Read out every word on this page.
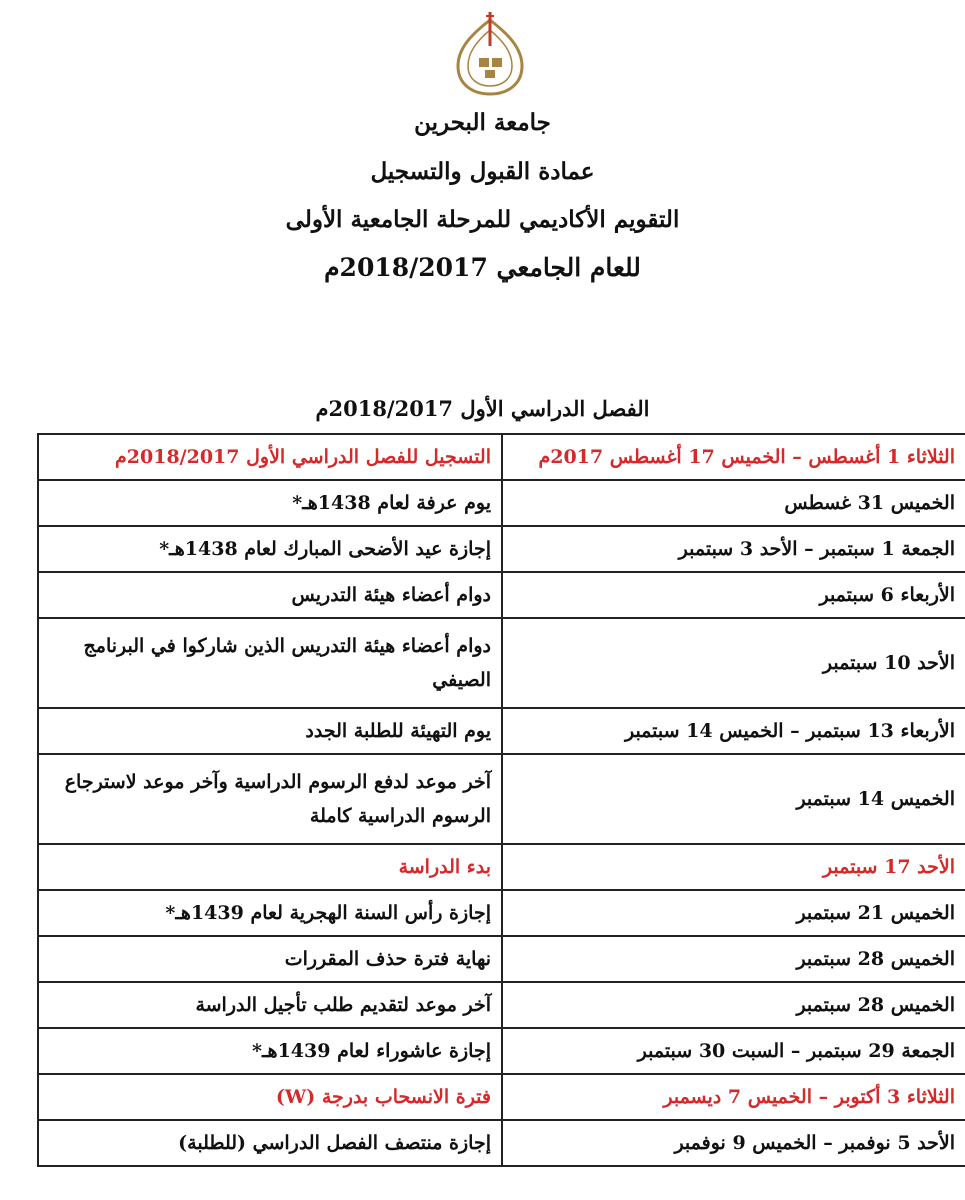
جامعة البحرين
عمادة القبول والتسجيل
التقويم الأكاديمي للمرحلة الجامعية الأولى
للعام الجامعي 2018/2017م
الفصل الدراسي الأول 2018/2017م
الثلاثاء 1 أغسطس – الخميس 17 أغسطس 2017م	التسجيل للفصل الدراسي الأول 2018/2017م
الخميس 31 غسطس	يوم عرفة لعام 1438هـ*
الجمعة 1 سبتمبر – الأحد 3 سبتمبر	إجازة عيد الأضحى المبارك لعام 1438هـ*
الأربعاء 6 سبتمبر	دوام أعضاء هيئة التدريس
الأحد 10 سبتمبر	دوام أعضاء هيئة التدريس الذين شاركوا في البرنامج الصيفي
الأربعاء 13 سبتمبر – الخميس 14 سبتمبر	يوم التهيئة للطلبة الجدد
الخميس 14 سبتمبر	آخر موعد لدفع الرسوم الدراسية وآخر موعد لاسترجاع الرسوم الدراسية كاملة
الأحد 17 سبتمبر	بدء الدراسة
الخميس 21 سبتمبر	إجازة رأس السنة الهجرية لعام 1439هـ*
الخميس 28 سبتمبر	نهاية فترة حذف المقررات
الخميس 28 سبتمبر	آخر موعد لتقديم طلب تأجيل الدراسة
الجمعة 29 سبتمبر – السبت 30 سبتمبر	إجازة عاشوراء لعام 1439هـ*
الثلاثاء 3 أكتوبر – الخميس 7 ديسمبر	فترة الانسحاب بدرجة (W)
الأحد 5 نوفمبر – الخميس 9 نوفمبر	إجازة منتصف الفصل الدراسي (للطلبة)
